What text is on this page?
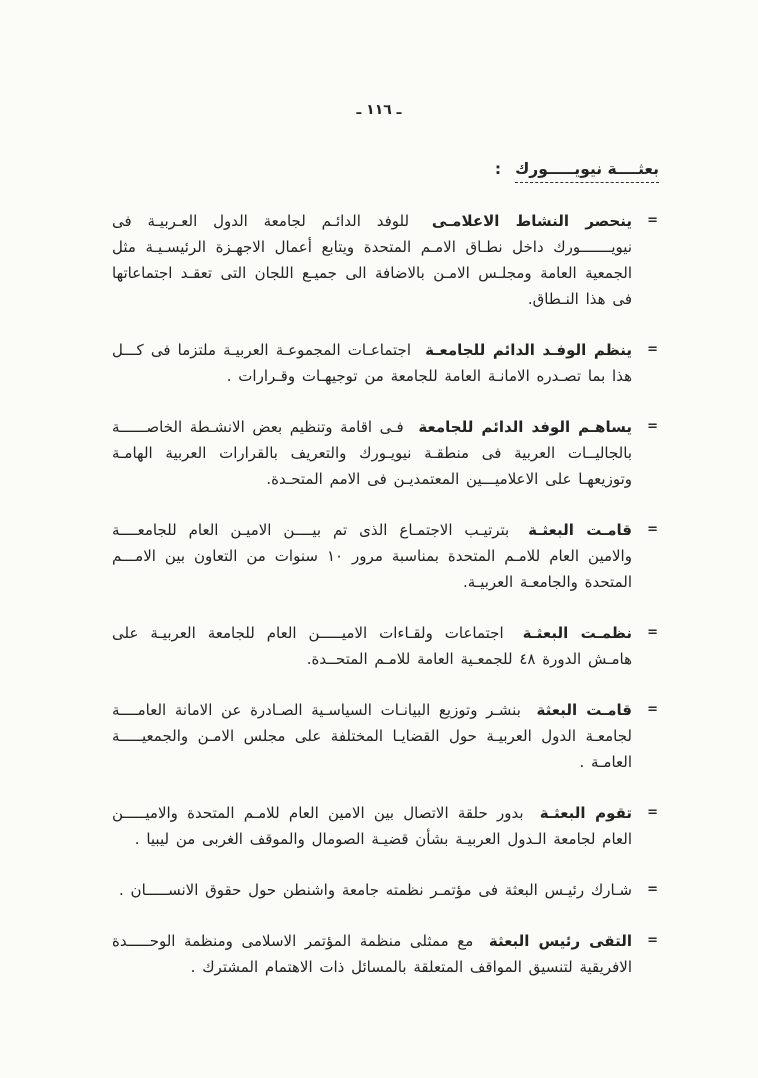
ـ ١١٦ ـ
بعثــــة نيويـــــورك
:
=

ينحصر النشاط الاعلامـى للوفد الدائـم لجامعة الدول العـربيـة فى نيويـــــــورك داخل نطـاق الامـم المتحدة ويتابع أعمال الاجهـزة الرئيسـيـة مثل الجمعية العامة ومجلـس الامـن بالاضافة الى جميـع اللجان التى تعقـد اجتماعاتها فى هذا النـطاق.

=

ينظم الوفـد الدائم للجامعـة اجتماعـات المجموعـة العربيـة ملتزما فى كـــل هذا بما تصـدره الامانـة العامة للجامعة من توجيهـات وقـرارات .

=

يساهـم الوفد الدائم للجامعة فـى اقامة وتنظيم بعض الانشـطة الخاصــــــة بالجاليــات العربية فى منطقـة نيويـورك والتعريف بالقرارات العربية الهامـة وتوزيعهـا على الاعلاميـــين المعتمديـن فى الامم المتحـدة.

=

قامـت البعثـة بترتيـب الاجتمـاع الذى تم بيــــن الاميـن العام للجامعــــة والامين العام للامـم المتحدة بمناسبة مرور ١٠ سنوات من التعاون بين الامـــم المتحدة والجامعـة العربيـة.

=

نظمـت البعثـة اجتماعات ولقـاءات الاميـــــن العام للجامعة العربيـة على هامـش الدورة ٤٨ للجمعـية العامة للامـم المتحــدة.

=

قامـت البعثة بنشـر وتوزيع البيانـات السياسـية الصـادرة عن الامانة العامــــة لجامعـة الدول العربيـة حول القضايـا المختلفة على مجلس الامـن والجمعيـــــة العامـة .

=

تقوم البعثـة بدور حلقة الاتصال بين الامين العام للامـم المتحدة والاميـــــن العام لجامعة الـدول العربيـة بشأن قضيـة الصومال والموقف الغربى من ليبيا .

=

شـارك رئيـس البعثة فى مؤتمـر نظمته جامعة واشنطن حول حقوق الانســـــان .

=

التقى رئيس البعثة مع ممثلى منظمة المؤتمر الاسلامى ومنظمة الوحـــــدة الافريقية لتنسيق المواقف المتعلقة بالمسائل ذات الاهتمام المشترك .
